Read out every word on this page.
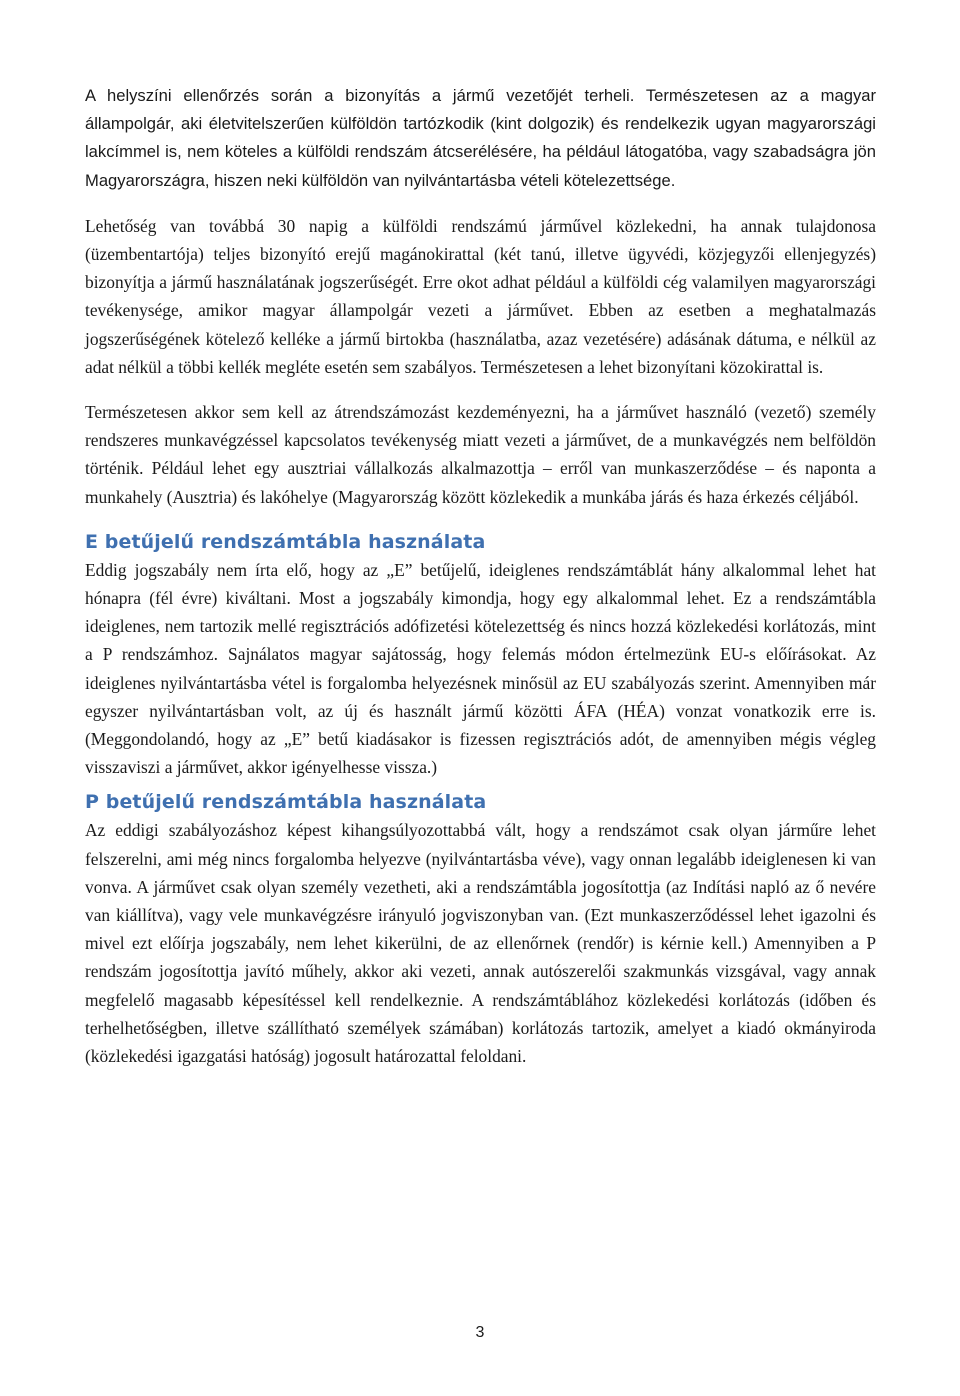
A helyszíni ellenőrzés során a bizonyítás a jármű vezetőjét terheli. Természetesen az a magyar állampolgár, aki életvitelszerűen külföldön tartózkodik (kint dolgozik) és rendelkezik ugyan magyarországi lakcímmel is, nem köteles a külföldi rendszám átcserélésére, ha például látogatóba, vagy szabadságra jön Magyarországra, hiszen neki külföldön van nyilvántartásba vételi kötelezettsége.

Lehetőség van továbbá 30 napig a külföldi rendszámú járművel közlekedni, ha annak tulajdonosa (üzembentartója) teljes bizonyító erejű magánokirattal (két tanú, illetve ügyvédi, közjegyzői ellenjegyzés) bizonyítja a jármű használatának jogszerűségét. Erre okot adhat például a külföldi cég valamilyen magyarországi tevékenysége, amikor magyar állampolgár vezeti a járművet. Ebben az esetben a meghatalmazás jogszerűségének kötelező kelléke a jármű birtokba (használatba, azaz vezetésére) adásának dátuma, e nélkül az adat nélkül a többi kellék megléte esetén sem szabályos. Természetesen a lehet bizonyítani közokirattal is.

Természetesen akkor sem kell az átrendszámozást kezdeményezni, ha a járművet használó (vezető) személy rendszeres munkavégzéssel kapcsolatos tevékenység miatt vezeti a járművet, de a munkavégzés nem belföldön történik. Például lehet egy ausztriai vállalkozás alkalmazottja – erről van munkaszerződése – és naponta a munkahely (Ausztria) és lakóhelye (Magyarország között közlekedik a munkába járás és haza érkezés céljából.

E betűjelű rendszámtábla használata

Eddig jogszabály nem írta elő, hogy az „E” betűjelű, ideiglenes rendszámtáblát hány alkalommal lehet hat hónapra (fél évre) kiváltani. Most a jogszabály kimondja, hogy egy alkalommal lehet. Ez a rendszámtábla ideiglenes, nem tartozik mellé regisztrációs adófizetési kötelezettség és nincs hozzá közlekedési korlátozás, mint a P rendszámhoz. Sajnálatos magyar sajátosság, hogy felemás módon értelmezünk EU-s előírásokat. Az ideiglenes nyilvántartásba vétel is forgalomba helyezésnek minősül az EU szabályozás szerint. Amennyiben már egyszer nyilvántartásban volt, az új és használt jármű közötti ÁFA (HÉA) vonzat vonatkozik erre is. (Meggondolandó, hogy az „E” betű kiadásakor is fizessen regisztrációs adót, de amennyiben mégis végleg visszaviszi a járművet, akkor igényelhesse vissza.)

P betűjelű rendszámtábla használata

Az eddigi szabályozáshoz képest kihangsúlyozottabbá vált, hogy a rendszámot csak olyan járműre lehet felszerelni, ami még nincs forgalomba helyezve (nyilvántartásba véve), vagy onnan legalább ideiglenesen ki van vonva. A járművet csak olyan személy vezetheti, aki a rendszámtábla jogosítottja (az Indítási napló az ő nevére van kiállítva), vagy vele munkavégzésre irányuló jogviszonyban van. (Ezt munkaszerződéssel lehet igazolni és mivel ezt előírja jogszabály, nem lehet kikerülni, de az ellenőrnek (rendőr) is kérnie kell.) Amennyiben a P rendszám jogosítottja javító műhely, akkor aki vezeti, annak autószerelői szakmunkás vizsgával, vagy annak megfelelő magasabb képesítéssel kell rendelkeznie. A rendszámtáblához közlekedési korlátozás (időben és terhelhetőségben, illetve szállítható személyek számában) korlátozás tartozik, amelyet a kiadó okmányiroda (közlekedési igazgatási hatóság) jogosult határozattal feloldani.

3
